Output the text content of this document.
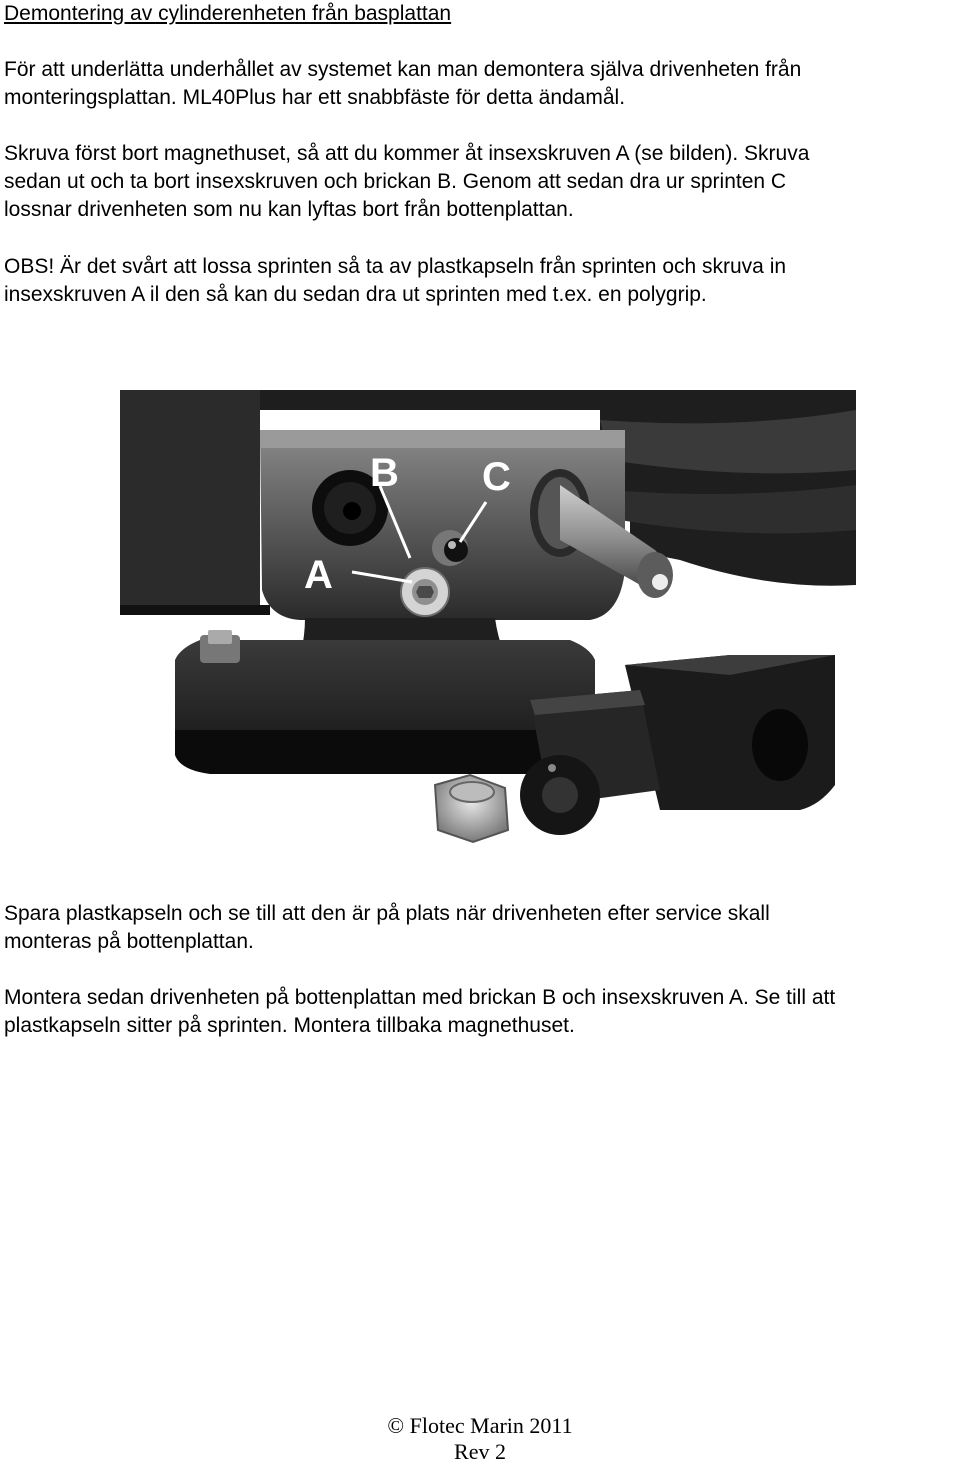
Demontering av cylinderenheten från basplattan

För att underlätta underhållet av systemet kan man demontera själva drivenheten från
monteringsplattan. ML40Plus har ett snabbfäste för detta ändamål.

Skruva först bort magnethuset, så att du kommer åt insexskruven A (se bilden). Skruva
sedan ut och ta bort insexskruven och brickan B. Genom att sedan dra ur sprinten C
lossnar drivenheten som nu kan lyftas bort från bottenplattan.

OBS! Är det svårt att lossa sprinten så ta av plastkapseln från sprinten och skruva in
insexskruven A il den så kan du sedan dra ut sprinten med t.ex. en polygrip.

B C
A

Spara plastkapseln och se till att den är på plats när drivenheten efter service skall
monteras på bottenplattan.

Montera sedan drivenheten på bottenplattan med brickan B och insexskruven A. Se till att
plastkapseln sitter på sprinten. Montera tillbaka magnethuset.

© Flotec Marin 2011
Rev 2
